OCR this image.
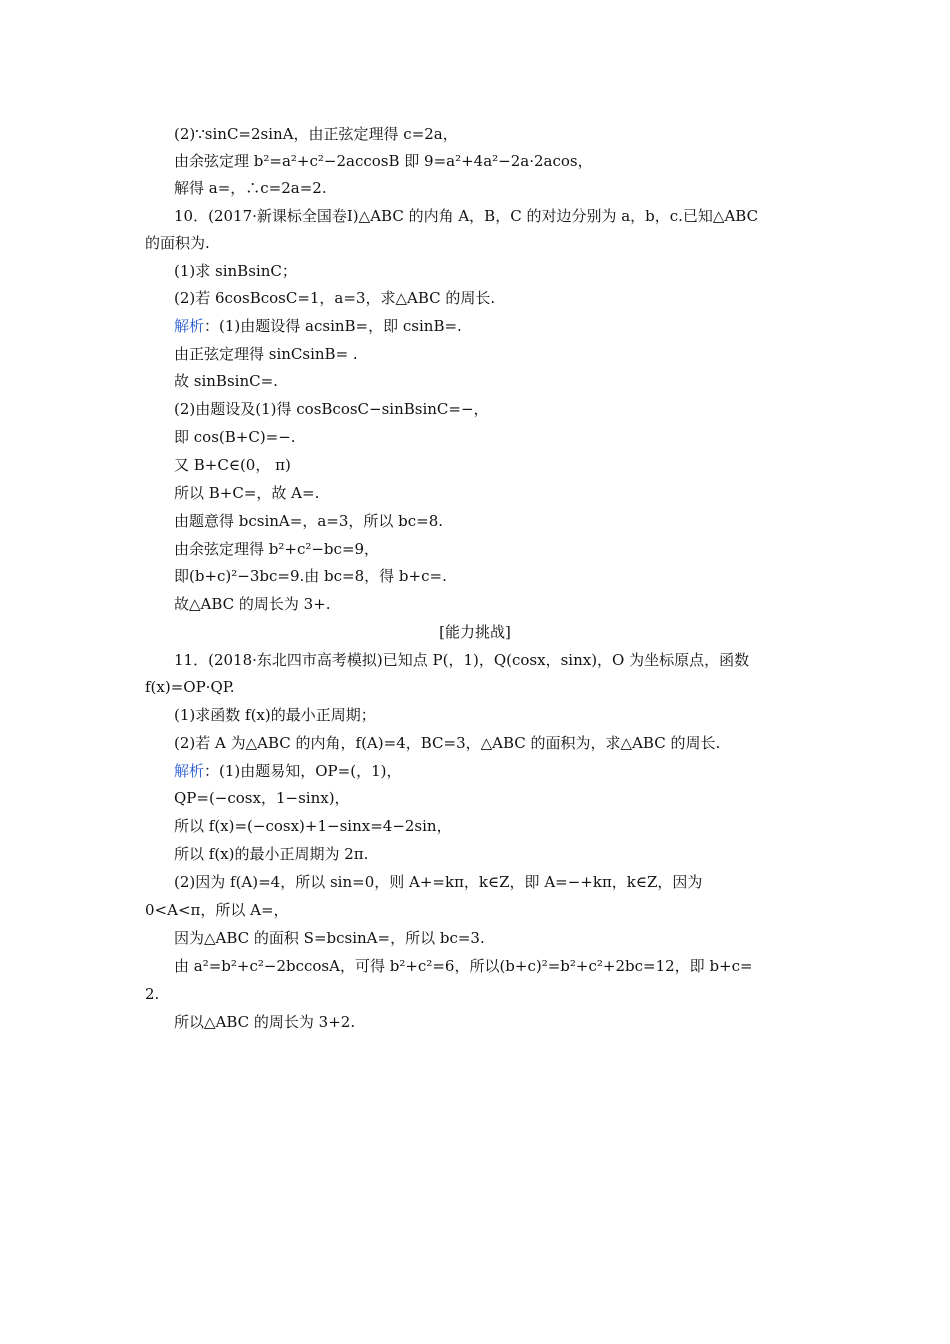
(2)∵sinC=2sinA，由正弦定理得 c=2a，
由余弦定理 b²=a²+c²−2accosB 即 9=a²+4a²−2a·2acos，
解得 a=，∴c=2a=2.
10．(2017·新课标全国卷Ⅰ)△ABC 的内角 A，B，C 的对边分别为 a，b，c.已知△ABC
的面积为.
(1)求 sinBsinC；
(2)若 6cosBcosC=1，a=3，求△ABC 的周长.
解析：(1)由题设得 acsinB=，即 csinB=.
由正弦定理得 sinCsinB= .
故 sinBsinC=.
(2)由题设及(1)得 cosBcosC−sinBsinC=−，
即 cos(B+C)=−.
又 B+C∈(0， π)
所以 B+C=，故 A=.
由题意得 bcsinA=，a=3，所以 bc=8.
由余弦定理得 b²+c²−bc=9，
即(b+c)²−3bc=9.由 bc=8，得 b+c=.
故△ABC 的周长为 3+.
[能力挑战]
11．(2018·东北四市高考模拟)已知点 P(，1)，Q(cosx，sinx)，O 为坐标原点，函数
f(x)=OP·QP.
(1)求函数 f(x)的最小正周期；
(2)若 A 为△ABC 的内角，f(A)=4，BC=3，△ABC 的面积为，求△ABC 的周长.
解析：(1)由题易知，OP=(，1)，
QP=(−cosx，1−sinx)，
所以 f(x)=(−cosx)+1−sinx=4−2sin，
所以 f(x)的最小正周期为 2π.
(2)因为 f(A)=4，所以 sin=0，则 A+=kπ，k∈Z，即 A=−+kπ，k∈Z，因为
0<A<π，所以 A=，
因为△ABC 的面积 S=bcsinA=，所以 bc=3.
由 a²=b²+c²−2bccosA，可得 b²+c²=6，所以(b+c)²=b²+c²+2bc=12，即 b+c=
2.
所以△ABC 的周长为 3+2.
